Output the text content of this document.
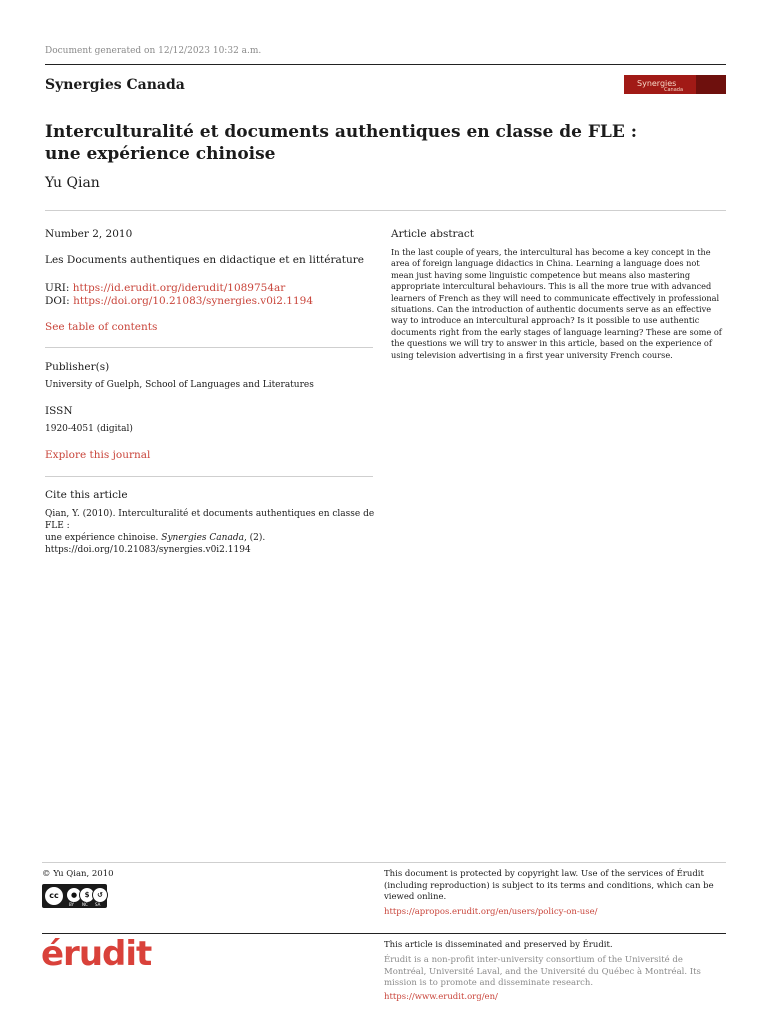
Document generated on 12/12/2023 10:32 a.m.
Synergies Canada	Synergies
Canada
Interculturalité et documents authentiques en classe de FLE :
une expérience chinoise
Yu Qian
Number 2, 2010
Les Documents authentiques en didactique et en littérature
URI: https://id.erudit.org/iderudit/1089754ar
DOI: https://doi.org/10.21083/synergies.v0i2.1194
See table of contents
Publisher(s)
University of Guelph, School of Languages and Literatures
ISSN
1920-4051 (digital)
Explore this journal
Cite this article
Qian, Y. (2010). Interculturalité et documents authentiques en classe de FLE :
une expérience chinoise. Synergies Canada, (2).
https://doi.org/10.21083/synergies.v0i2.1194
Article abstract
In the last couple of years, the intercultural has become a key concept in the area of foreign language didactics in China. Learning a language does not mean just having some linguistic competence but means also mastering appropriate intercultural behaviours. This is all the more true with advanced learners of French as they will need to communicate effectively in professional situations. Can the introduction of authentic documents serve as an effective way to introduce an intercultural approach? Is it possible to use authentic documents right from the early stages of language learning? These are some of the questions we will try to answer in this article, based on the experience of using television advertising in a first year university French course.
© Yu Qian, 2010
cc	●	$	↺
BY NC SA
This document is protected by copyright law. Use of the services of Érudit (including reproduction) is subject to its terms and conditions, which can be viewed online.
https://apropos.erudit.org/en/users/policy-on-use/
érudit	This article is disseminated and preserved by Érudit.
Érudit is a non-profit inter-university consortium of the Université de Montréal, Université Laval, and the Université du Québec à Montréal. Its mission is to promote and disseminate research.
https://www.erudit.org/en/
